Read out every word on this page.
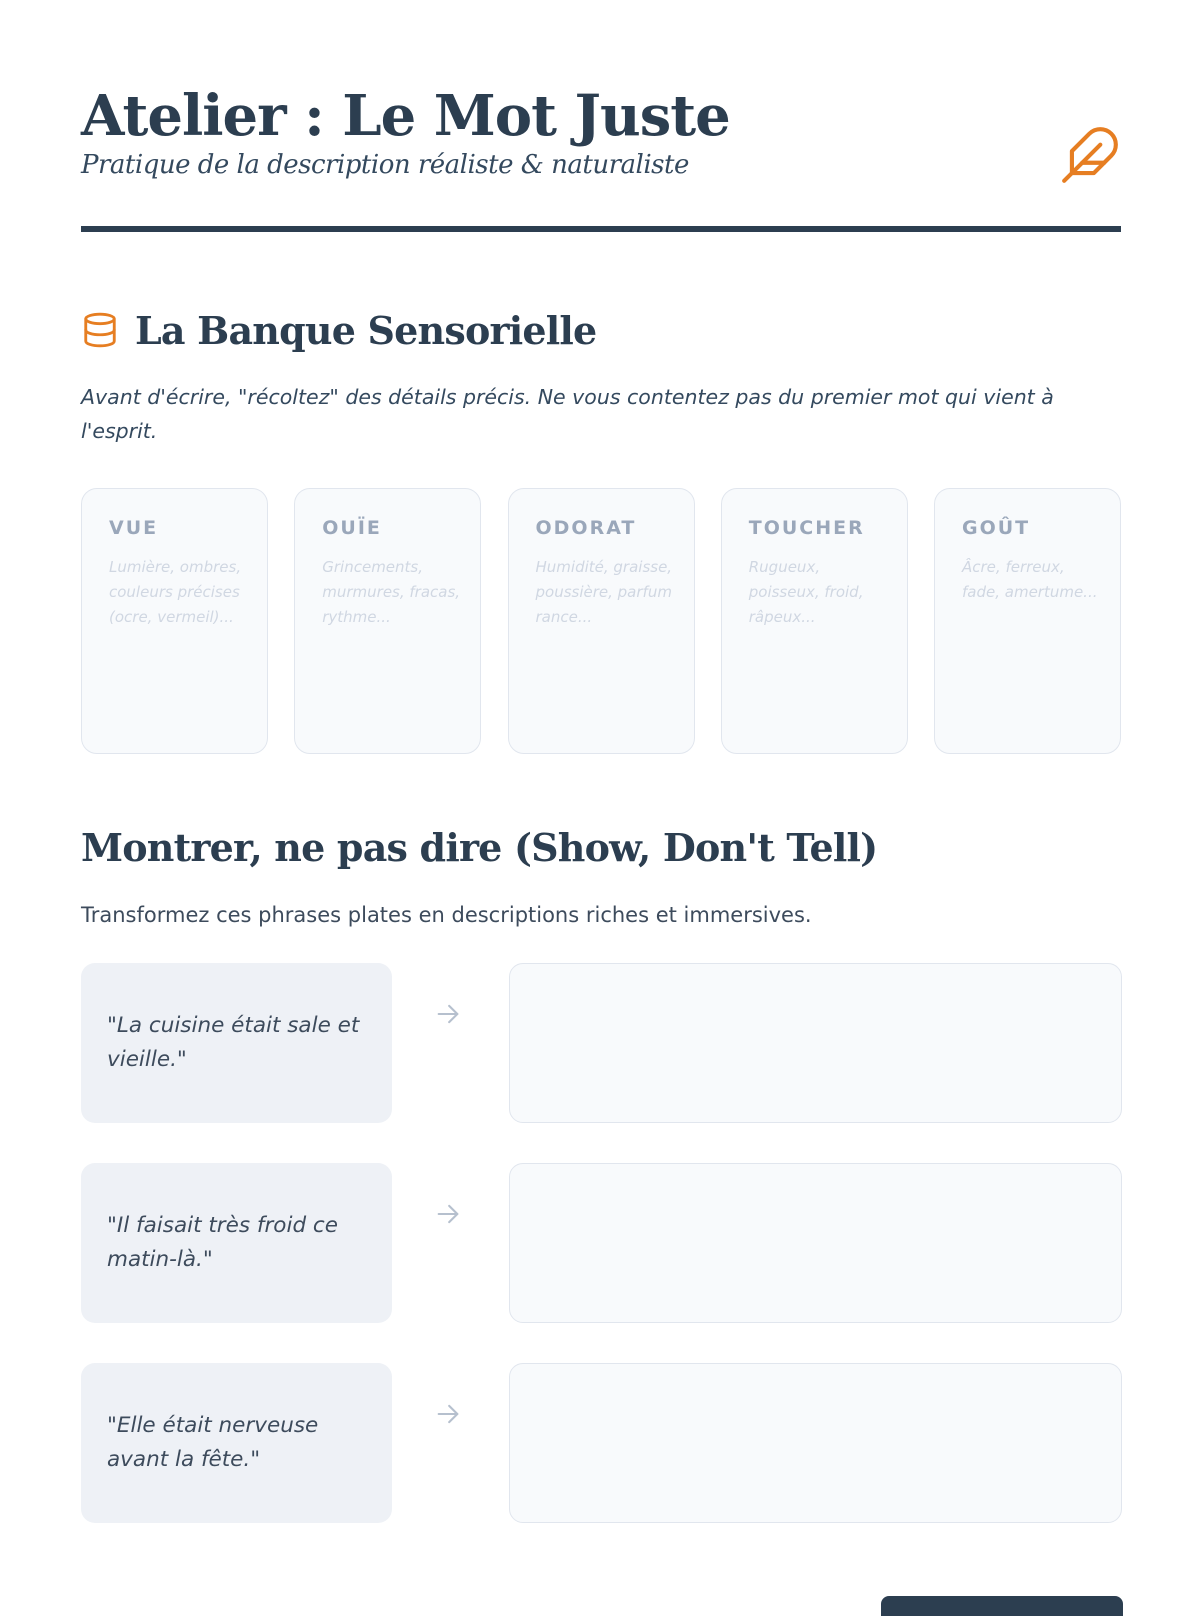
Atelier : Le Mot Juste

Pratique de la description réaliste & naturaliste

La Banque Sensorielle

Avant d'écrire, "récoltez" des détails précis. Ne vous contentez pas du premier mot qui vient à l'esprit.

VUE

Lumière, ombres, couleurs précises (ocre, vermeil)...

OUÏE

Grincements, murmures, fracas, rythme...

ODORAT

Humidité, graisse, poussière, parfum rance...

TOUCHER

Rugueux, poisseux, froid, râpeux...

GOÛT

Âcre, ferreux, fade, amertume...

Montrer, ne pas dire (Show, Don't Tell)

Transformez ces phrases plates en descriptions riches et immersives.

"La cuisine était sale et vieille."
"Il faisait très froid ce matin-là."
"Elle était nerveuse avant la fête."
